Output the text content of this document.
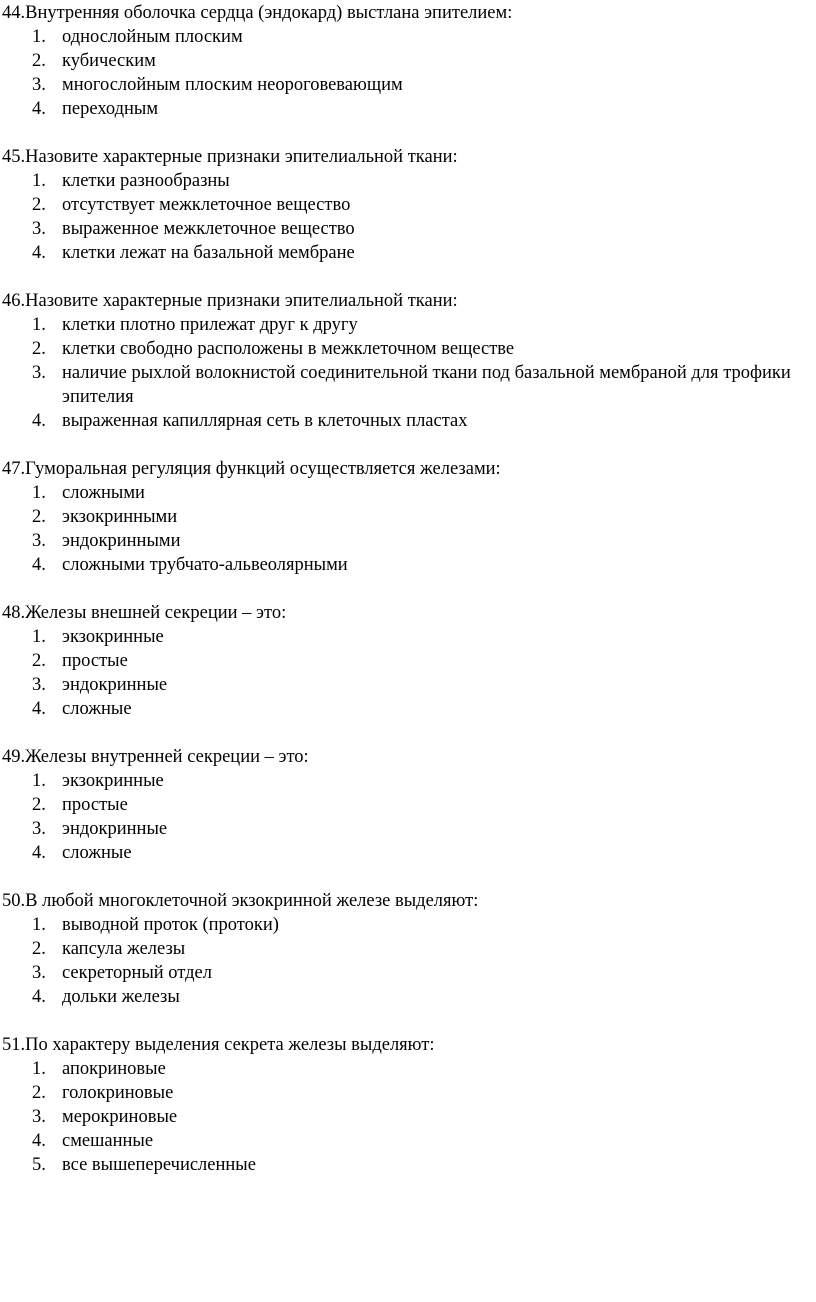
44.Внутренняя оболочка сердца (эндокард) выстлана эпителием:
1. однослойным плоским
2. кубическим
3. многослойным плоским неороговевающим
4. переходным
45.Назовите характерные признаки эпителиальной ткани:
1. клетки разнообразны
2. отсутствует межклеточное вещество
3. выраженное межклеточное вещество
4. клетки лежат на базальной мембране
46.Назовите характерные признаки эпителиальной ткани:
1. клетки плотно прилежат друг к другу
2. клетки свободно расположены в межклеточном веществе
3. наличие рыхлой волокнистой соединительной ткани под базальной мембраной для трофики эпителия
4. выраженная капиллярная сеть в клеточных пластах
47.Гуморальная регуляция функций осуществляется железами:
1. сложными
2. экзокринными
3. эндокринными
4. сложными трубчато-альвеолярными
48.Железы внешней секреции – это:
1. экзокринные
2. простые
3. эндокринные
4. сложные
49.Железы внутренней секреции – это:
1. экзокринные
2. простые
3. эндокринные
4. сложные
50.В любой многоклеточной экзокринной железе выделяют:
1. выводной проток (протоки)
2. капсула железы
3. секреторный отдел
4. дольки железы
51.По характеру выделения секрета железы выделяют:
1. апокриновые
2. голокриновые
3. мерокриновые
4. смешанные
5. все вышеперечисленные
